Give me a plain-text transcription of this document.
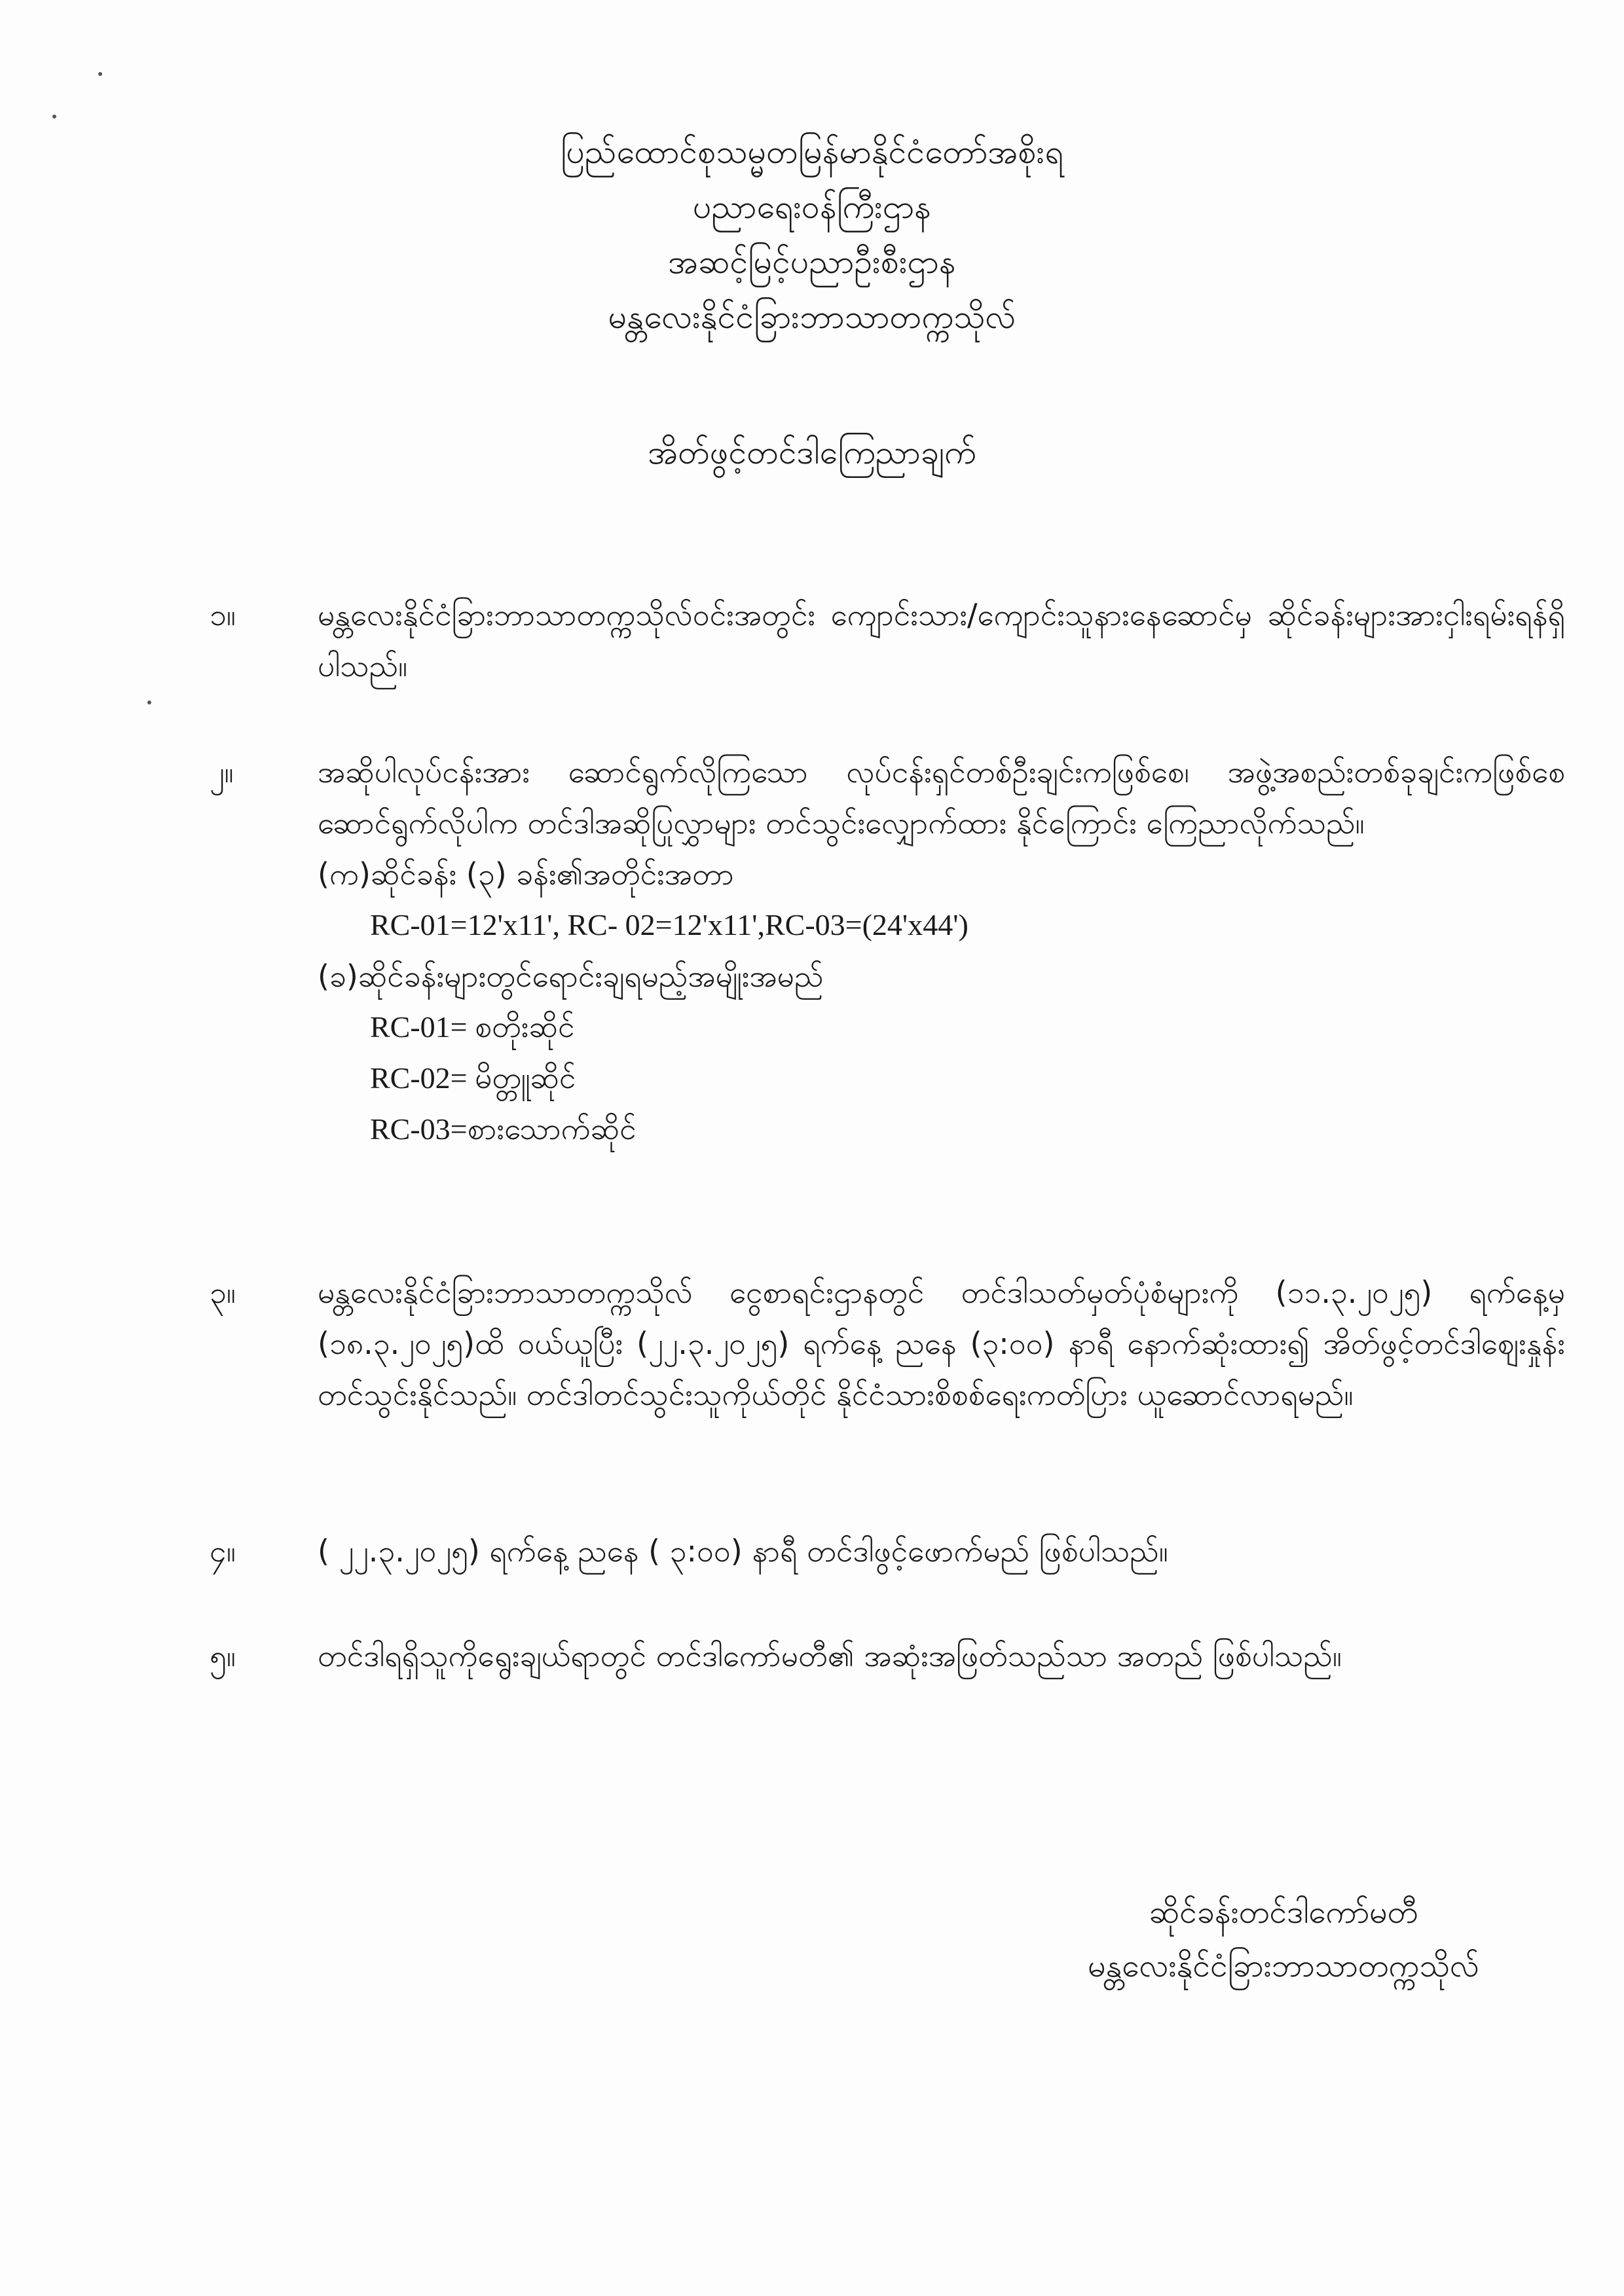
ပြည်ထောင်စုသမ္မတမြန်မာနိုင်ငံတော်အစိုးရ
ပညာရေးဝန်ကြီးဌာန
အဆင့်မြင့်ပညာဦးစီးဌာန
မန္တလေးနိုင်ငံခြားဘာသာတက္ကသိုလ်
အိတ်ဖွင့်တင်ဒါကြေညာချက်
၁။	မန္တလေးနိုင်ငံခြားဘာသာတက္ကသိုလ်ဝင်းအတွင်း ကျောင်းသား/ကျောင်းသူနားနေဆောင်မှ ဆိုင်ခန်းများအားငှါးရမ်းရန်ရှိပါသည်။
၂။	အဆိုပါလုပ်ငန်းအား ဆောင်ရွက်လိုကြသော လုပ်ငန်းရှင်တစ်ဦးချင်းကဖြစ်စေ၊ အဖွဲ့အစည်းတစ်ခုချင်းကဖြစ်စေ ဆောင်ရွက်လိုပါက တင်ဒါအဆိုပြုလွှာများ တင်သွင်းလျှောက်ထား နိုင်ကြောင်း ကြေညာလိုက်သည်။
(က)ဆိုင်ခန်း (၃) ခန်း၏အတိုင်းအတာ
RC-01=12'x11', RC- 02=12'x11',RC-03=(24'x44')
(ခ)ဆိုင်ခန်းများတွင်ရောင်းချရမည့်အမျိုးအမည်
RC-01= စတိုးဆိုင်
RC-02= မိတ္တူဆိုင်
RC-03=စားသောက်ဆိုင်
၃။	မန္တလေးနိုင်ငံခြားဘာသာတက္ကသိုလ် ငွေစာရင်းဌာနတွင် တင်ဒါသတ်မှတ်ပုံစံများကို (၁၁.၃.၂၀၂၅) ရက်နေ့မှ (၁၈.၃.၂၀၂၅)ထိ ဝယ်ယူပြီး (၂၂.၃.၂၀၂၅) ရက်နေ့ ညနေ (၃:၀၀) နာရီ နောက်ဆုံးထား၍ အိတ်ဖွင့်တင်ဒါဈေးနှုန်း တင်သွင်းနိုင်သည်။ တင်ဒါတင်သွင်းသူကိုယ်တိုင် နိုင်ငံသားစိစစ်ရေးကတ်ပြား ယူဆောင်လာရမည်။
၄။	( ၂၂.၃.၂၀၂၅) ရက်နေ့ ညနေ ( ၃:၀၀) နာရီ တင်ဒါဖွင့်ဖောက်မည် ဖြစ်ပါသည်။
၅။	တင်ဒါရရှိသူကိုရွေးချယ်ရာတွင် တင်ဒါကော်မတီ၏ အဆုံးအဖြတ်သည်သာ အတည် ဖြစ်ပါသည်။
ဆိုင်ခန်းတင်ဒါကော်မတီ
မန္တလေးနိုင်ငံခြားဘာသာတက္ကသိုလ်
